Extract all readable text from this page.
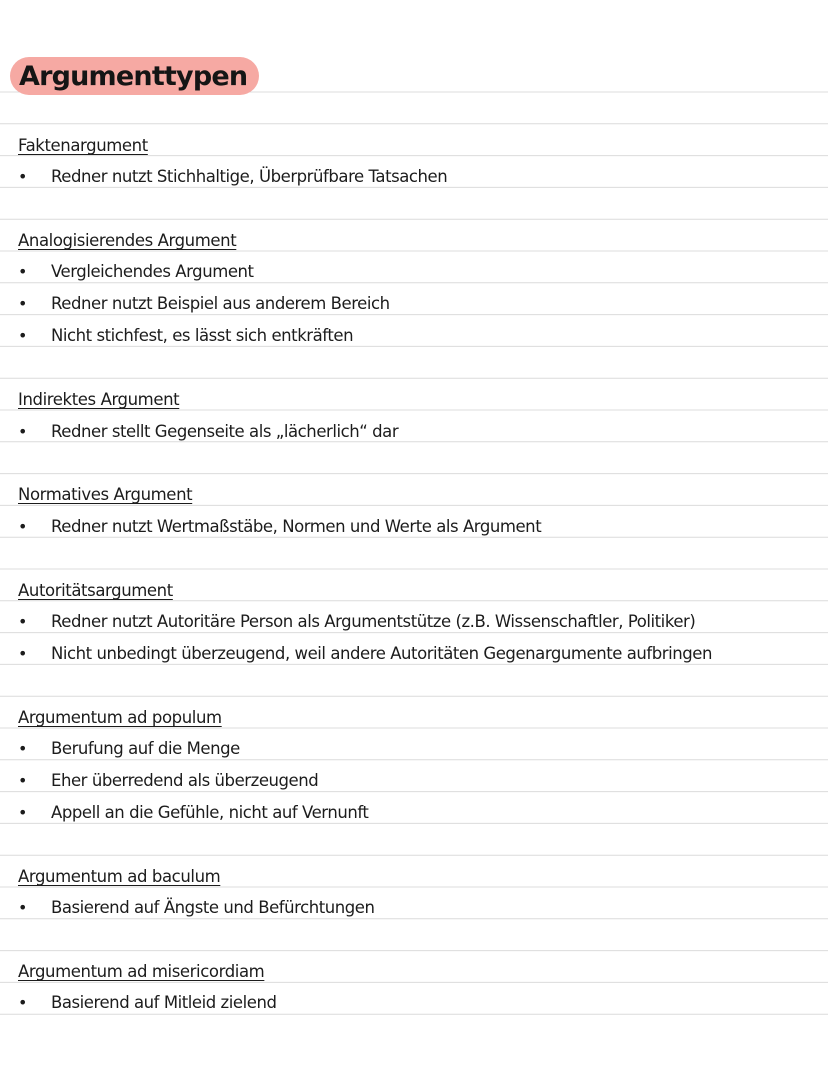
Argumenttypen
Faktenargument
•	Redner nutzt Stichhaltige, Überprüfbare Tatsachen
Analogisierendes Argument
•	Vergleichendes Argument
•	Redner nutzt Beispiel aus anderem Bereich
•	Nicht stichfest, es lässt sich entkräften
Indirektes Argument
•	Redner stellt Gegenseite als „lächerlich“ dar
Normatives Argument
•	Redner nutzt Wertmaßstäbe, Normen und Werte als Argument
Autoritätsargument
•	Redner nutzt Autoritäre Person als Argumentstütze (z.B. Wissenschaftler, Politiker)
•	Nicht unbedingt überzeugend, weil andere Autoritäten Gegenargumente aufbringen
Argumentum ad populum
•	Berufung auf die Menge
•	Eher überredend als überzeugend
•	Appell an die Gefühle, nicht auf Vernunft
Argumentum ad baculum
•	Basierend auf Ängste und Befürchtungen
Argumentum ad misericordiam
•	Basierend auf Mitleid zielend
